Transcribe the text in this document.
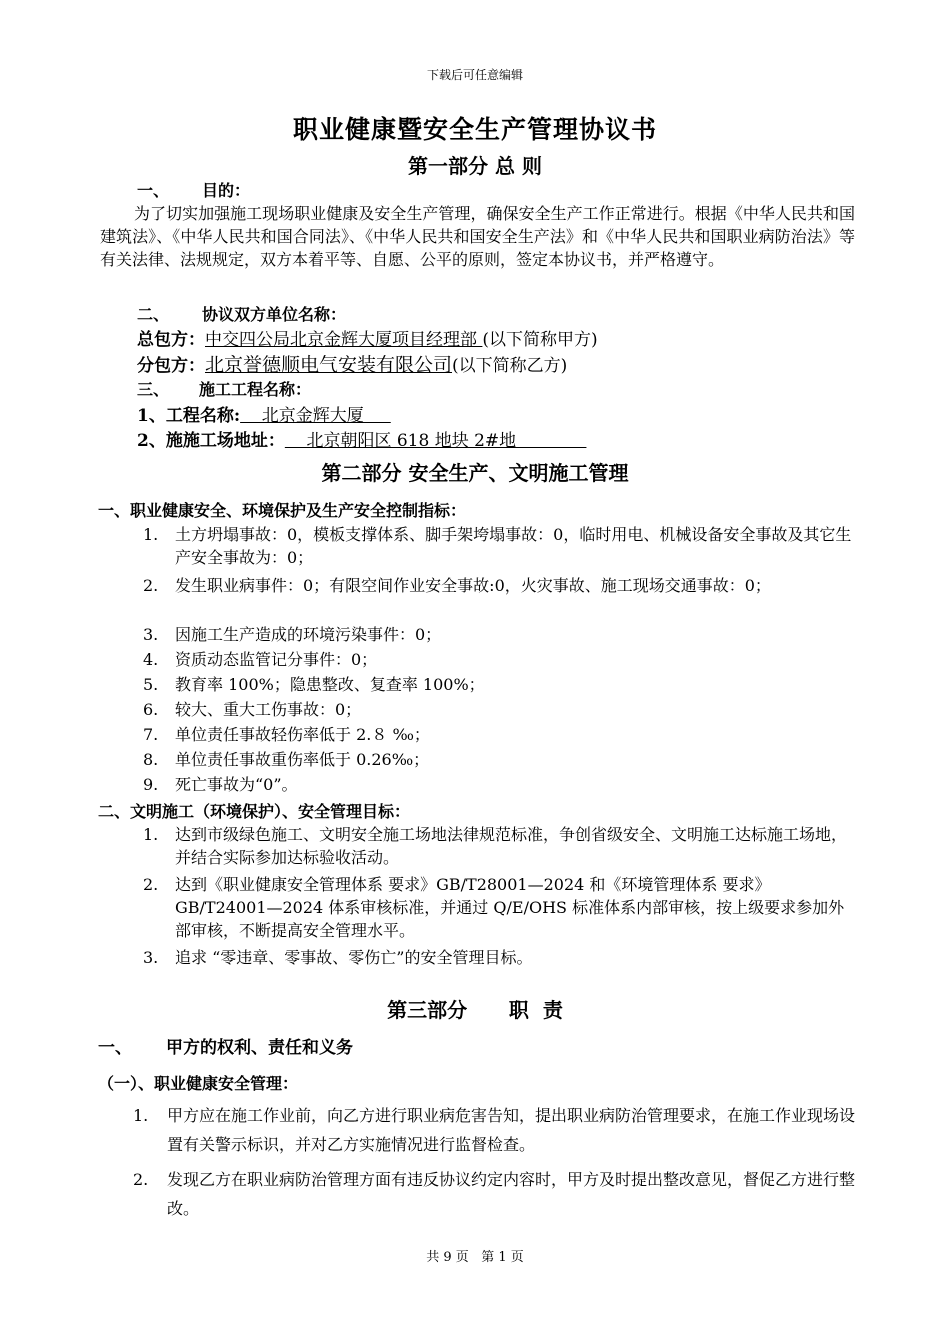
下载后可任意编辑
职业健康暨安全生产管理协议书
第一部分 总 则
一、 目的：

为了切实加强施工现场职业健康及安全生产管理，确保安全生产工作正常进行。根据《中华人民共和国建筑法》、《中华人民共和国合同法》、《中华人民共和国安全生产法》和《中华人民共和国职业病防治法》等有关法律、法规规定，双方本着平等、自愿、公平的原则，签定本协议书，并严格遵守。

二、 协议双方单位名称：
总包方：中交四公局北京金辉大厦项目经理部 (以下简称甲方)
分包方：北京誉德顺电气安装有限公司(以下简称乙方)
三、 施工工程名称：
1、工程名称:    北京金辉大厦
2、施施工场地址：    北京朝阳区 618 地块 2#地
第二部分 安全生产、文明施工管理
一、职业健康安全、环境保护及生产安全控制指标：
1. 土方坍塌事故：0，模板支撑体系、脚手架垮塌事故：0，临时用电、机械设备安全事故及其它生产安全事故为：0；
2. 发生职业病事件：0；有限空间作业安全事故:0，火灾事故、施工现场交通事故：0；
3. 因施工生产造成的环境污染事件：0；
4. 资质动态监管记分事件：0；
5. 教育率 100%；隐患整改、复查率 100%；
6. 较大、重大工伤事故：0；
7. 单位责任事故轻伤率低于 2.８ ‰；
8. 单位责任事故重伤率低于 0.26‰；
9. 死亡事故为“0”。
二、文明施工（环境保护）、安全管理目标：
1. 达到市级绿色施工、文明安全施工场地法律规范标准，争创省级安全、文明施工达标施工场地，并结合实际参加达标验收活动。
2. 达到《职业健康安全管理体系 要求》GB/T28001—2024 和《环境管理体系 要求》GB/T24001—2024 体系审核标准，并通过 Q/E/OHS 标准体系内部审核，按上级要求参加外部审核，不断提高安全管理水平。
3. 追求 “零违章、零事故、零伤亡”的安全管理目标。
第三部分      职  责
一、 甲方的权利、责任和义务
（一）、职业健康安全管理：
1. 甲方应在施工作业前，向乙方进行职业病危害告知，提出职业病防治管理要求，在施工作业现场设置有关警示标识，并对乙方实施情况进行监督检查。
2. 发现乙方在职业病防治管理方面有违反协议约定内容时，甲方及时提出整改意见，督促乙方进行整改。
共 9 页   第 1 页
